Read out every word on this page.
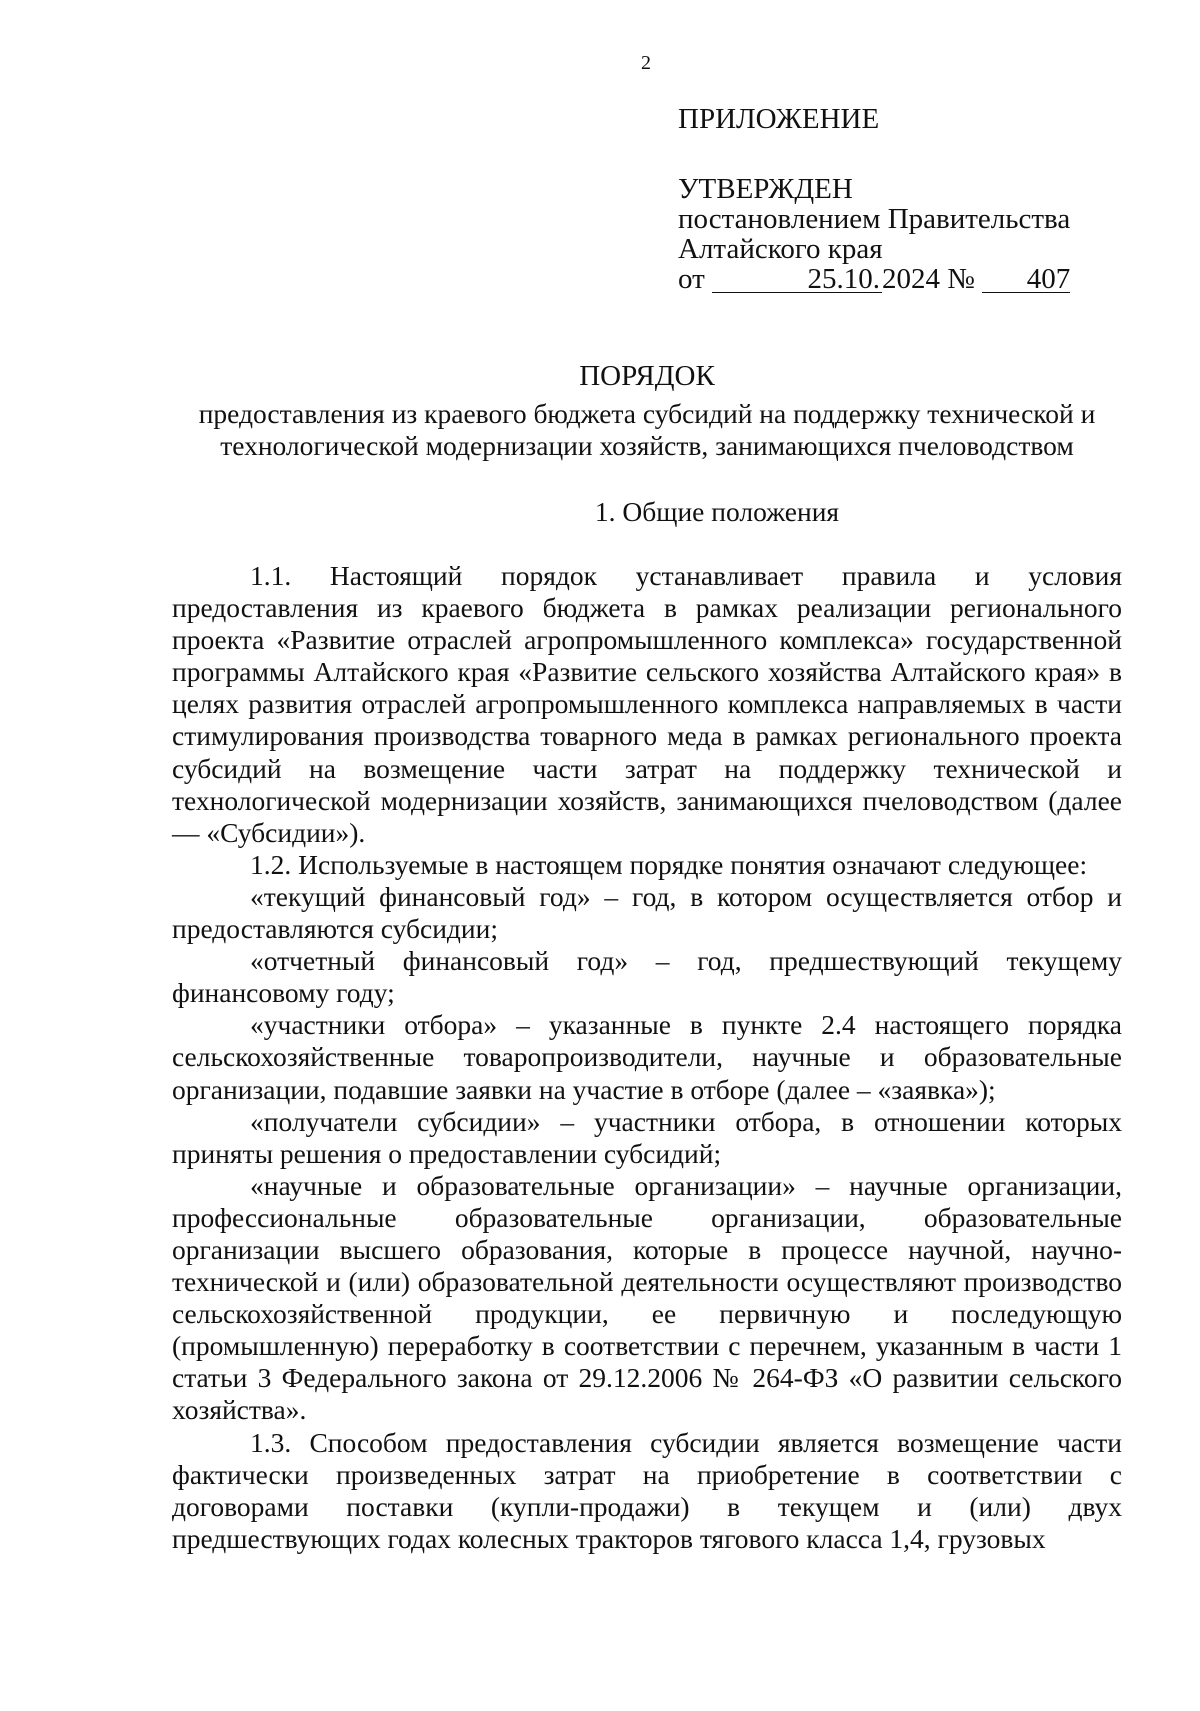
2
ПРИЛОЖЕНИЕ
УТВЕРЖДЕН
постановлением Правительства
Алтайского края
от	25.10.2024 № 407
ПОРЯДОК
предоставления из краевого бюджета субсидий на поддержку технической и технологической модернизации хозяйств, занимающихся пчеловодством
1. Общие положения

1.1. Настоящий порядок устанавливает правила и условия предоставления из краевого бюджета в рамках реализации регионального проекта «Развитие отраслей агропромышленного комплекса» государственной программы Алтайского края «Развитие сельского хозяйства Алтайского края» в целях развития отраслей агропромышленного комплекса направляемых в части стимулирования производства товарного меда в рамках регионального проекта субсидий на возмещение части затрат на поддержку технической и технологической модернизации хозяйств, занимающихся пчеловодством (далее — «Субсидии»).

1.2. Используемые в настоящем порядке понятия означают следующее:

«текущий финансовый год» – год, в котором осуществляется отбор и предоставляются субсидии;

«отчетный финансовый год» – год, предшествующий текущему финансовому году;

«участники отбора» – указанные в пункте 2.4 настоящего порядка сельскохозяйственные товаропроизводители, научные и образовательные организации, подавшие заявки на участие в отборе (далее – «заявка»);

«получатели субсидии» – участники отбора, в отношении которых приняты решения о предоставлении субсидий;

«научные и образовательные организации» – научные организации, профессиональные образовательные организации, образовательные организации высшего образования, которые в процессе научной, научно-технической и (или) образовательной деятельности осуществляют производство сельскохозяйственной продукции, ее первичную и последующую (промышленную) переработку в соответствии с перечнем, указанным в части 1 статьи 3 Федерального закона от 29.12.2006 № 264-ФЗ «О развитии сельского хозяйства».

1.3. Способом предоставления субсидии является возмещение части фактически произведенных затрат на приобретение в соответствии с договорами поставки (купли-продажи) в текущем и (или) двух предшествующих годах колесных тракторов тягового класса 1,4, грузовых
